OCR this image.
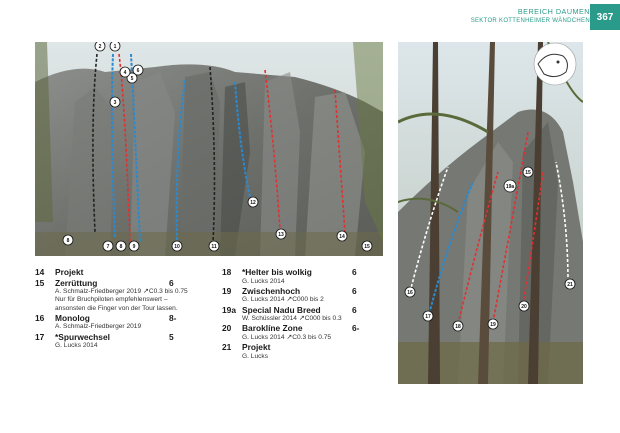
BEREICH DAUMEN
SEKTOR KOTTENHEIMER WÄNDCHEN 367
8
7 8 9	10	11
12
13	14
15
6
5
4
3
2 1
16
17
18	19
19a
20
21
15
14	Projekt
15	Zerrüttung	6
A. Schmalz-Friedberger 2019 ↗C0.3 bis 0.75
Nur für Bruchpiloten empfehlenswert – ansonsten die Finger von der Tour lassen.
16	Monolog	8-
A. Schmalz-Friedberger 2019
17	*Spurwechsel	5
G. Lucks 2014
18	*Helter bis wolkig	6
G. Lucks 2014
19	Zwischenhoch	6
G. Lucks 2014 ↗C000 bis 2
19a Special Nadu Breed	6
W. Schüssler 2014 ↗C000 bis 0.3
20	Baroklíne Zone	6-
G. Lucks 2014 ↗C0.3 bis 0.75
21	Projekt
G. Lucks
